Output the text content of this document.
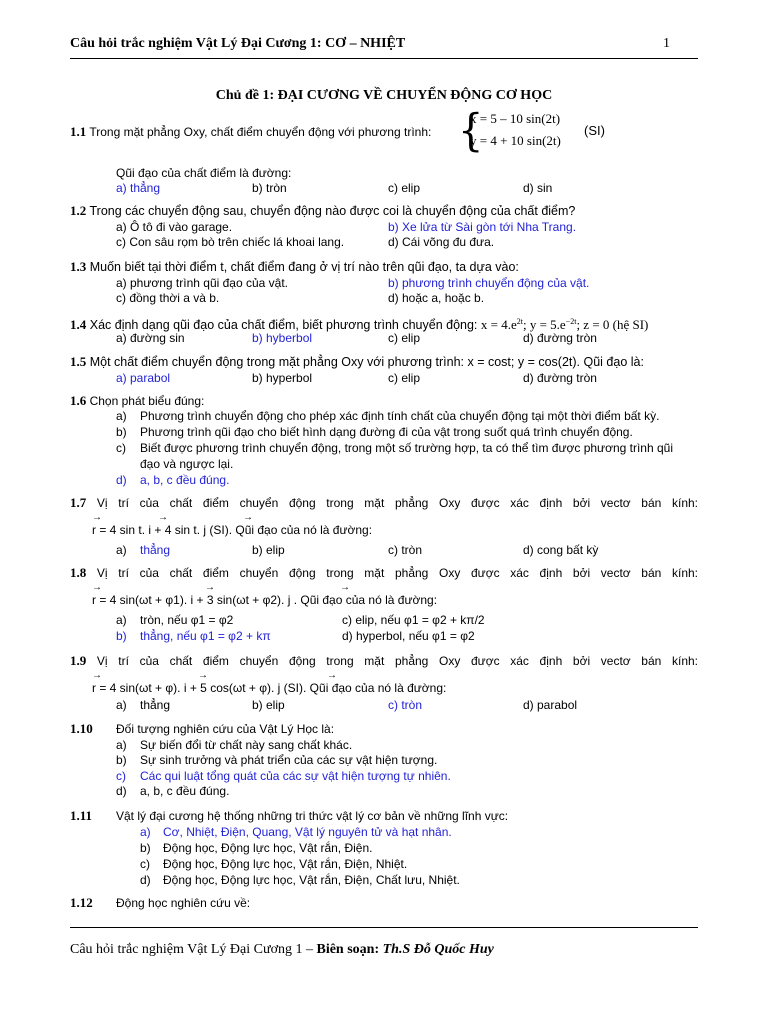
Câu hỏi trắc nghiệm Vật Lý Đại Cương 1: CƠ – NHIỆT	1
Chủ đề 1: ĐẠI CƯƠNG VỀ CHUYỂN ĐỘNG CƠ HỌC
1.1 Trong mặt phẳng Oxy, chất điểm chuyển động với phương trình: {
x = 5 – 10 sin(2t)
y = 4 + 10 sin(2t)
(SI)
Qũi đạo của chất điểm là đường:
a) thẳng	b) tròn	c) elip	d) sin
1.2 Trong các chuyển động sau, chuyển động nào được coi là chuyển động của chất điểm?
a) Ô tô đi vào garage.	b) Xe lửa từ Sài gòn tới Nha Trang.
c) Con sâu rọm bò trên chiếc lá khoai lang.	d) Cái võng đu đưa.
1.3 Muốn biết tại thời điểm t, chất điểm đang ở vị trí nào trên qũi đạo, ta dựa vào:
a) phương trình qũi đạo của vật.	b) phương trình chuyển động của vật.
c) đồng thời a và b.	d) hoặc a, hoặc b.
1.4 Xác định dạng qũi đạo của chất điểm, biết phương trình chuyển động: $x = 4.e^{2t}$; $y = 5.e^{-2t}$; z = 0 (hệ SI)
a) đường sin	b) hyberbol	c) elip	d) đường tròn
1.5 Một chất điểm chuyển động trong mặt phẳng Oxy với phương trình: x = cost; y = cos(2t). Qũi đạo là:
a) parabol	b) hyperbol	c) elip	d) đường tròn
1.6 Chọn phát biểu đúng:
a) Phương trình chuyển động cho phép xác định tính chất của chuyển động tại một thời điểm bất kỳ.
b) Phương trình qũi đạo cho biết hình dạng đường đi của vật trong suốt quá trình chuyển động.
c) Biết được phương trình chuyển động, trong một số trường hợp, ta có thể tìm được phương trình qũi
đạo và ngược lại.
d) a, b, c đều đúng.
1.7 Vị trí của chất điểm chuyển động trong mặt phẳng Oxy được xác định bởi vectơ bán kính:
→	→	→
r = 4 sin t. i + 4 sin t. j (SI). Qũi đạo của nó là đường:
a) thẳng	b) elip	c) tròn	d) cong bất kỳ
1.8 Vị trí của chất điểm chuyển động trong mặt phẳng Oxy được xác định bởi vectơ bán kính:
→	→	→
r = 4 sin(ωt + φ1). i + 3 sin(ωt + φ2). j . Qũi đạo của nó là đường:
a) tròn, nếu φ1 = φ2	c) elip, nếu φ1 = φ2 + kπ/2
b) thẳng, nếu φ1 = φ2 + kπ	d) hyperbol, nếu φ1 = φ2
1.9 Vị trí của chất điểm chuyển động trong mặt phẳng Oxy được xác định bởi vectơ bán kính:
→	→	→
r = 4 sin(ωt + φ). i + 5 cos(ωt + φ). j (SI). Qũi đạo của nó là đường:
a) thẳng	b) elip	c) tròn	d) parabol
1.10 Đối tượng nghiên cứu của Vật Lý Học là:
a) Sự biến đổi từ chất này sang chất khác.
b) Sự sinh trưởng và phát triển của các sự vật hiện tượng.
c) Các qui luật tổng quát của các sự vật hiện tượng tự nhiên.
d) a, b, c đều đúng.
1.11 Vật lý đại cương hệ thống những tri thức vật lý cơ bản về những lĩnh vực:
a) Cơ, Nhiệt, Điện, Quang, Vật lý nguyên tử và hạt nhân.
b) Động học, Động lực học, Vật rắn, Điện.
c) Động học, Động lực học, Vật rắn, Điện, Nhiệt.
d) Động học, Động lực học, Vật rắn, Điện, Chất lưu, Nhiệt.
1.12 Động học nghiên cứu về:
Câu hỏi trắc nghiệm Vật Lý Đại Cương 1 – Biên soạn: Th.S Đỗ Quốc Huy
